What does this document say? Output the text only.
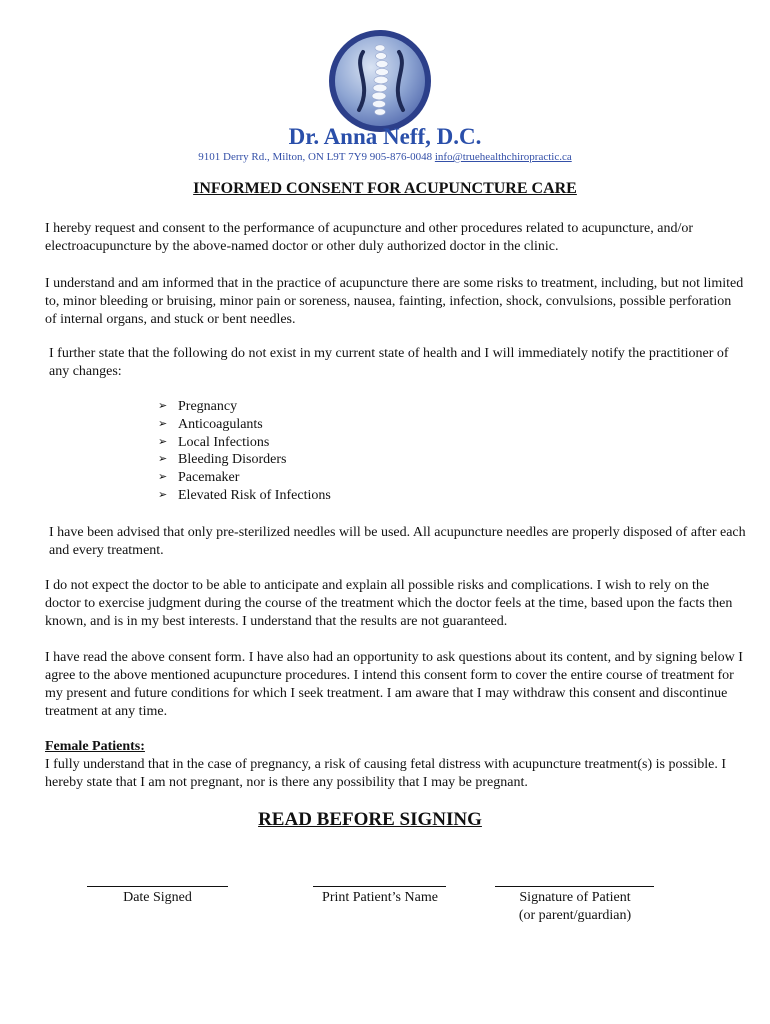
Dr. Anna Neff, D.C.
9101 Derry Rd., Milton, ON L9T 7Y9 905-876-0048 info@truehealthchiropractic.ca
INFORMED CONSENT FOR ACUPUNCTURE CARE

I hereby request and consent to the performance of acupuncture and other procedures related to acupuncture, and/or electroacupuncture by the above-named doctor or other duly authorized doctor in the clinic.

I understand and am informed that in the practice of acupuncture there are some risks to treatment, including, but not limited to, minor bleeding or bruising, minor pain or soreness, nausea, fainting, infection, shock, convulsions, possible perforation of internal organs, and stuck or bent needles.

I further state that the following do not exist in my current state of health and I will immediately notify the practitioner of any changes:

➢ Pregnancy
➢ Anticoagulants
➢ Local Infections
➢ Bleeding Disorders
➢ Pacemaker
➢ Elevated Risk of Infections

I have been advised that only pre-sterilized needles will be used. All acupuncture needles are properly disposed of after each and every treatment.

I do not expect the doctor to be able to anticipate and explain all possible risks and complications. I wish to rely on the doctor to exercise judgment during the course of the treatment which the doctor feels at the time, based upon the facts then known, and is in my best interests. I understand that the results are not guaranteed.

I have read the above consent form. I have also had an opportunity to ask questions about its content, and by signing below I agree to the above mentioned acupuncture procedures. I intend this consent form to cover the entire course of treatment for my present and future conditions for which I seek treatment. I am aware that I may withdraw this consent and discontinue treatment at any time.

Female Patients:
I fully understand that in the case of pregnancy, a risk of causing fetal distress with acupuncture treatment(s) is possible. I hereby state that I am not pregnant, nor is there any possibility that I may be pregnant.
READ BEFORE SIGNING
Date Signed	Print Patient’s Name	Signature of Patient
(or parent/guardian)
